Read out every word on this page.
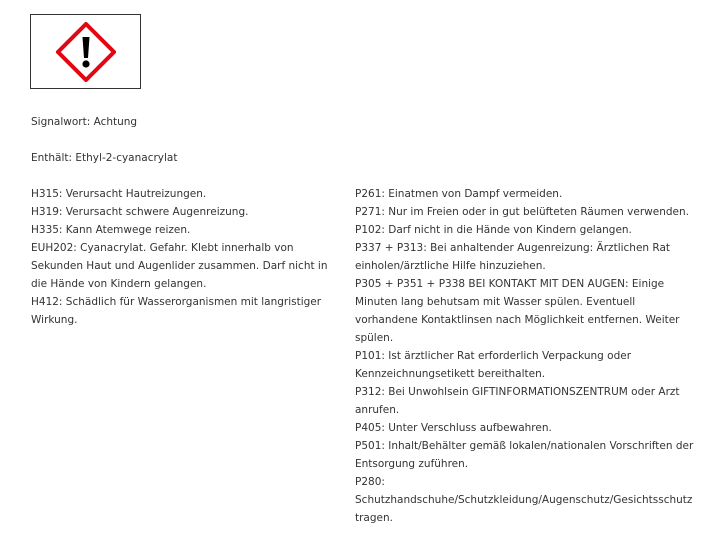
Signalwort: Achtung

Enthält: Ethyl-2-cyanacrylat

H315: Verursacht Hautreizungen.
H319: Verursacht schwere Augenreizung.
H335: Kann Atemwege reizen.
EUH202: Cyanacrylat. Gefahr. Klebt innerhalb von Sekunden Haut und Augenlider zusammen. Darf nicht in die Hände von Kindern gelangen.
H412: Schädlich für Wasserorganismen mit langristiger Wirkung.
P261: Einatmen von Dampf vermeiden.
P271: Nur im Freien oder in gut belüfteten Räumen verwenden.
P102: Darf nicht in die Hände von Kindern gelangen.
P337 + P313: Bei anhaltender Augenreizung: Ärztlichen Rat einholen/ärztliche Hilfe hinzuziehen.
P305 + P351 + P338 BEI KONTAKT MIT DEN AUGEN: Einige Minuten lang behutsam mit Wasser spülen. Eventuell vorhandene Kontaktlinsen nach Möglichkeit entfernen. Weiter spülen.
P101: Ist ärztlicher Rat erforderlich Verpackung oder Kennzeichnungsetikett bereithalten.
P312: Bei Unwohlsein GIFTINFORMATIONSZENTRUM oder Arzt anrufen.
P405: Unter Verschluss aufbewahren.
P501: Inhalt/Behälter gemäß lokalen/nationalen Vorschriften der Entsorgung zuführen.
P280: Schutzhandschuhe/Schutzkleidung/Augenschutz/Gesichtsschutz tragen.
